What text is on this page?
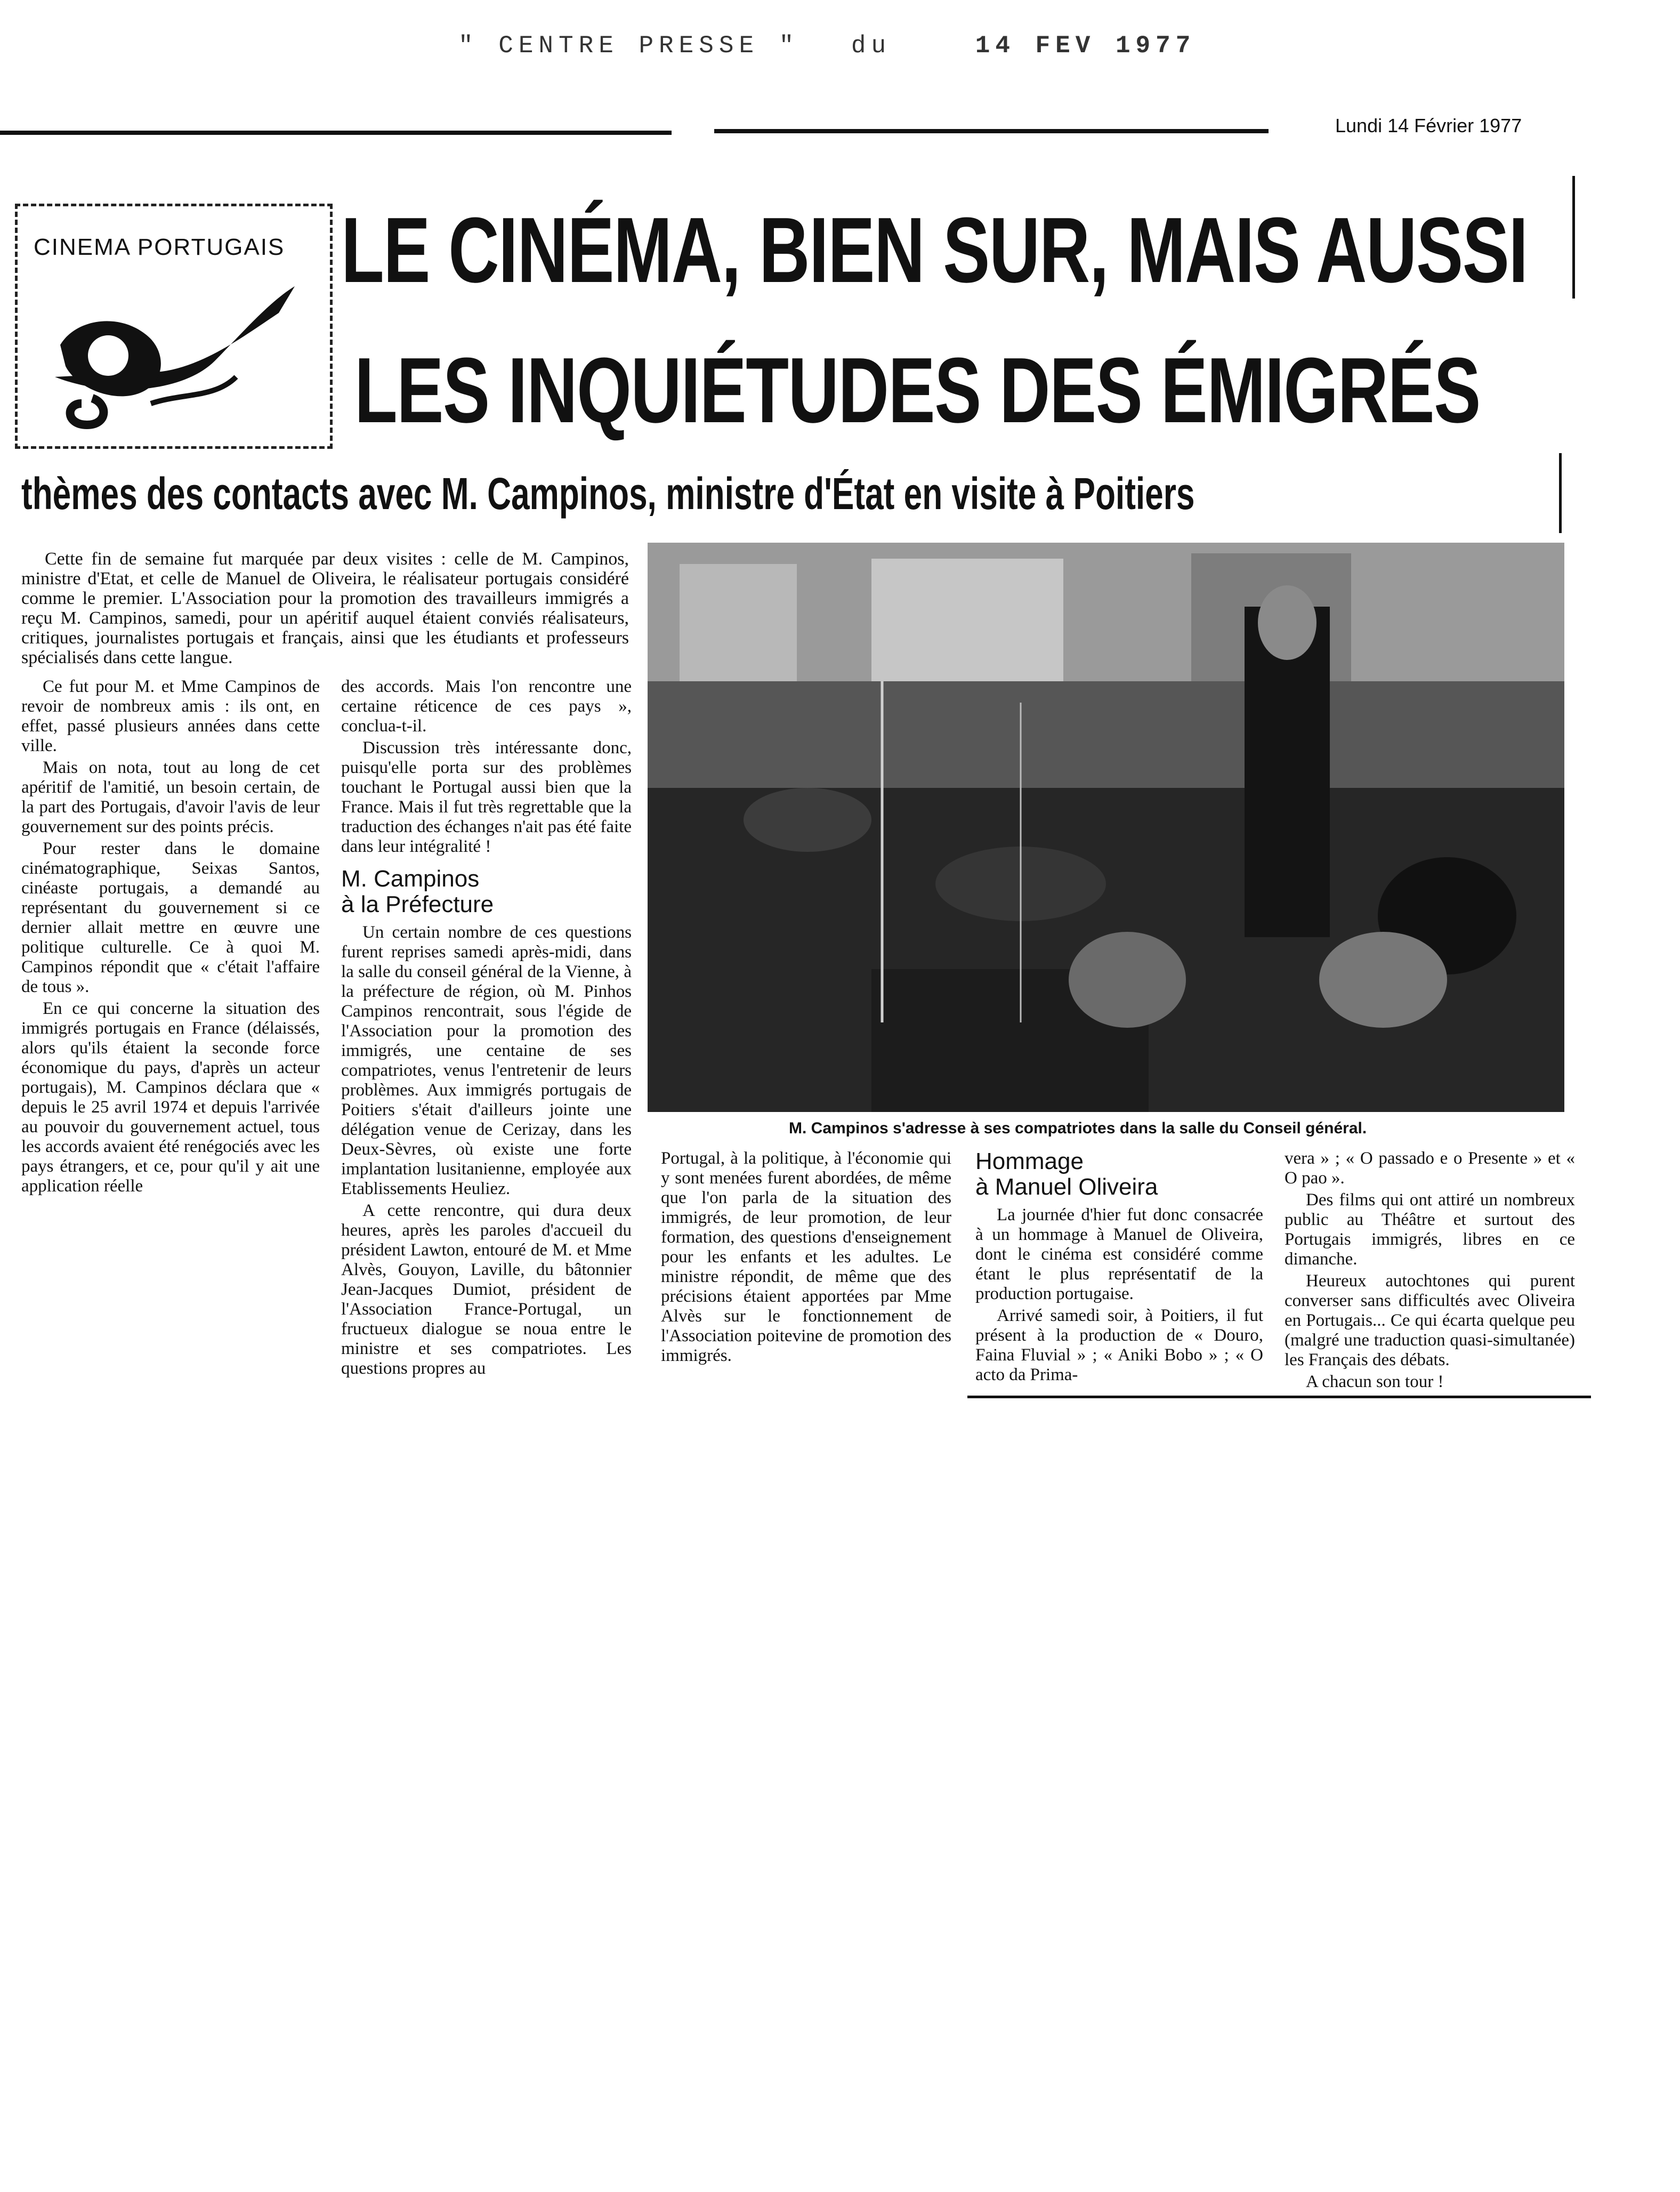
" CENTRE PRESSE " du	14 FEV 1977
Lundi 14 Février 1977
CINEMA PORTUGAIS LE CINÉMA, BIEN SUR, MAIS AUSSI
LES INQUIÉTUDES DES ÉMIGRÉS
thèmes des contacts avec M. Campinos, ministre d'État en visite à Poitiers
Cette fin de semaine fut marquée par deux visites : celle de M. Campinos, ministre d'Etat, et celle de Manuel de Oliveira, le réalisateur portugais considéré comme le premier. L'Association pour la promotion des travailleurs immigrés a reçu M. Campinos, samedi, pour un apéritif auquel étaient conviés réalisateurs, critiques, journalistes portugais et français, ainsi que les étudiants et professeurs spécialisés dans cette langue.

Ce fut pour M. et Mme Campinos de revoir de nombreux amis : ils ont, en effet, passé plusieurs années dans cette ville.

Mais on nota, tout au long de cet apéritif de l'amitié, un besoin certain, de la part des Portugais, d'avoir l'avis de leur gouvernement sur des points précis.

Pour rester dans le domaine cinématographique, Seixas Santos, cinéaste portugais, a demandé au représentant du gouvernement si ce dernier allait mettre en œuvre une politique culturelle. Ce à quoi M. Campinos répondit que « c'était l'affaire de tous ».

En ce qui concerne la situation des immigrés portugais en France (délaissés, alors qu'ils étaient la seconde force économique du pays, d'après un acteur portugais), M. Campinos déclara que « depuis le 25 avril 1974 et depuis l'arrivée au pouvoir du gouvernement actuel, tous les accords avaient été renégociés avec les pays étrangers, et ce, pour qu'il y ait une application réelle

des accords. Mais l'on rencontre une certaine réticence de ces pays », conclua-t-il.

Discussion très intéressante donc, puisqu'elle porta sur des problèmes touchant le Portugal aussi bien que la France. Mais il fut très regrettable que la traduction des échanges n'ait pas été faite dans leur intégralité !

M. Campinos
à la Préfecture

Un certain nombre de ces questions furent reprises samedi après-midi, dans la salle du conseil général de la Vienne, à la préfecture de région, où M. Pinhos Campinos rencontrait, sous l'égide de l'Association pour la promotion des immigrés, une centaine de ses compatriotes, venus l'entretenir de leurs problèmes. Aux immigrés portugais de Poitiers s'était d'ailleurs jointe une délégation venue de Cerizay, dans les Deux-Sèvres, où existe une forte implantation lusitanienne, employée aux Etablissements Heuliez.

A cette rencontre, qui dura deux heures, après les paroles d'accueil du président Lawton, entouré de M. et Mme Alvès, Gouyon, Laville, du bâtonnier Jean-Jacques Dumiot, président de l'Association France-Portugal, un fructueux dialogue se noua entre le ministre et ses compatriotes. Les questions propres au

M. Campinos s'adresse à ses compatriotes dans la salle du Conseil général.

Portugal, à la politique, à l'économie qui y sont menées furent abordées, de même que l'on parla de la situation des immigrés, de leur promotion, de leur formation, des questions d'enseignement pour les enfants et les adultes. Le ministre répondit, de même que des précisions étaient apportées par Mme Alvès sur le fonctionnement de l'Association poitevine de promotion des immigrés.

Hommage
à Manuel Oliveira

La journée d'hier fut donc consacrée à un hommage à Manuel de Oliveira, dont le cinéma est considéré comme étant le plus représentatif de la production portugaise.

Arrivé samedi soir, à Poitiers, il fut présent à la production de « Douro, Faina Fluvial » ; « Aniki Bobo » ; « O acto da Prima-

vera » ; « O passado e o Presente » et « O pao ».

Des films qui ont attiré un nombreux public au Théâtre et surtout des Portugais immigrés, libres en ce dimanche.

Heureux autochtones qui purent converser sans difficultés avec Oliveira en Portugais... Ce qui écarta quelque peu (malgré une traduction quasi-simultanée) les Français des débats.

A chacun son tour !
